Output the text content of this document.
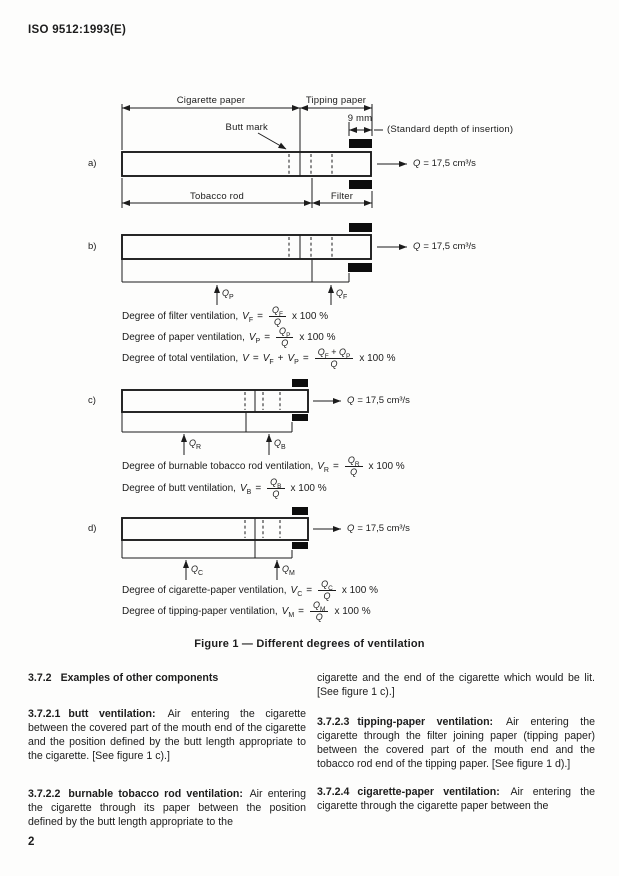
ISO 9512:1993(E)
a)
Cigarette paper	Tipping paper
Butt mark
9 mm
(Standard depth of insertion)
Q = 17,5 cm³/s
Tobacco rod	Filter
b)	Q = 17,5 cm³/s
$Q_P$	$Q_F$
Degree of filter ventilation, $V_F = \frac{Q_F}{Q}$ x 100 %
Degree of paper ventilation, $V_P = \frac{Q_P}{Q}$ x 100 %
Degree of total ventilation, $V = V_F + V_P = \frac{Q_F + Q_P}{Q}$ x 100 %
c)	Q = 17,5 cm³/s
$Q_R$	$Q_B$
Degree of burnable tobacco rod ventilation, $V_R = \frac{Q_R}{Q}$ x 100 %
Degree of butt ventilation, $V_B = \frac{Q_B}{Q}$ x 100 %
d)	Q = 17,5 cm³/s
$Q_C$	$Q_M$
Degree of cigarette-paper ventilation, $V_C = \frac{Q_C}{Q}$ x 100 %
Degree of tipping-paper ventilation, $V_M = \frac{Q_M}{Q}$ x 100 %
Figure 1 — Different degrees of ventilation

3.7.2 Examples of other components

3.7.2.1 butt ventilation: Air entering the cigarette between the covered part of the mouth end of the cigarette and the position defined by the butt length appropriate to the cigarette. [See figure 1 c).]

3.7.2.2 burnable tobacco rod ventilation: Air entering the cigarette through its paper between the position defined by the butt length appropriate to the

cigarette and the end of the cigarette which would be lit. [See figure 1 c).]

3.7.2.3 tipping-paper ventilation: Air entering the cigarette through the filter joining paper (tipping paper) between the covered part of the mouth end and the tobacco rod end of the tipping paper. [See figure 1 d).]

3.7.2.4 cigarette-paper ventilation: Air entering the cigarette through the cigarette paper between the

2
